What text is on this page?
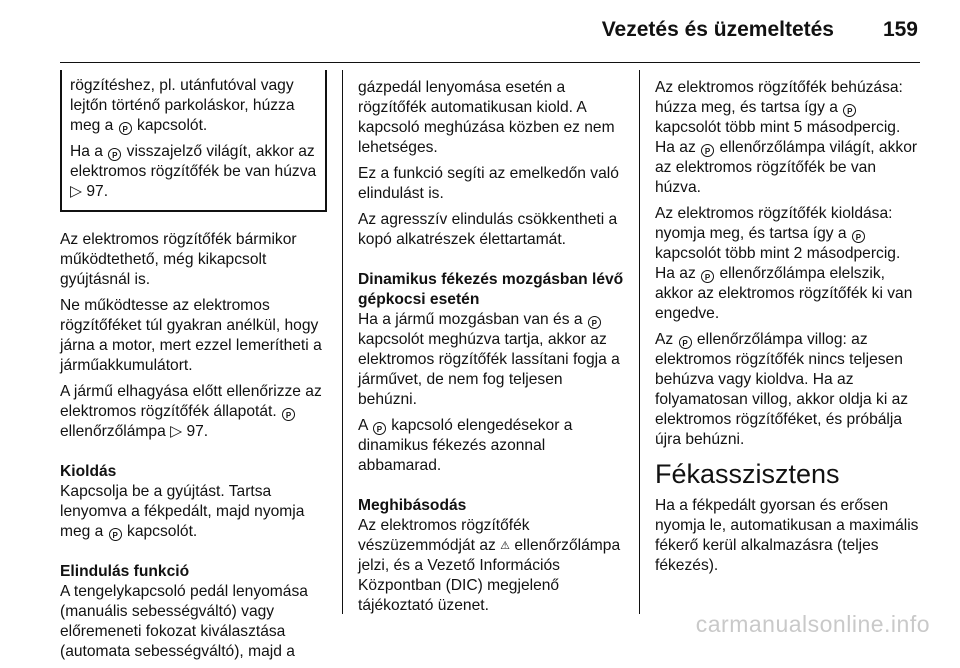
Vezetés és üzemeltetés 159

rögzítéshez, pl. utánfutóval vagy lejtőn történő parkoláskor, húzza meg a P kapcsolót.

Ha a P visszajelző világít, akkor az elektromos rögzítőfék be van húzva ▷ 97.

Az elektromos rögzítőfék bármikor működtethető, még kikapcsolt gyújtásnál is.

Ne működtesse az elektromos rögzítőféket túl gyakran anélkül, hogy járna a motor, mert ezzel lemerítheti a járműakkumulátort.

A jármű elhagyása előtt ellenőrizze az elektromos rögzítőfék állapotát. P ellenőrzőlámpa ▷ 97.

Kioldás

Kapcsolja be a gyújtást. Tartsa lenyomva a fékpedált, majd nyomja meg a P kapcsolót.

Elindulás funkció

A tengelykapcsoló pedál lenyomása (manuális sebességváltó) vagy előremeneti fokozat kiválasztása (automata sebességváltó), majd a

gázpedál lenyomása esetén a rögzítőfék automatikusan kiold. A kapcsoló meghúzása közben ez nem lehetséges.

Ez a funkció segíti az emelkedőn való elindulást is.

Az agresszív elindulás csökkentheti a kopó alkatrészek élettartamát.

Dinamikus fékezés mozgásban lévő gépkocsi esetén

Ha a jármű mozgásban van és a P kapcsolót meghúzva tartja, akkor az elektromos rögzítőfék lassítani fogja a járművet, de nem fog teljesen behúzni.

A P kapcsoló elengedésekor a dinamikus fékezés azonnal abbamarad.

Meghibásodás

Az elektromos rögzítőfék vészüzemmódját az ⚠ ellenőrzőlámpa jelzi, és a Vezető Információs Központban (DIC) megjelenő tájékoztató üzenet.

Az elektromos rögzítőfék behúzása: húzza meg, és tartsa így a P kapcsolót több mint 5 másodpercig. Ha az P ellenőrzőlámpa világít, akkor az elektromos rögzítőfék be van húzva.

Az elektromos rögzítőfék kioldása: nyomja meg, és tartsa így a P kapcsolót több mint 2 másodpercig. Ha az P ellenőrzőlámpa elelszik, akkor az elektromos rögzítőfék ki van engedve.

Az P ellenőrzőlámpa villog: az elektromos rögzítőfék nincs teljesen behúzva vagy kioldva. Ha az folyamatosan villog, akkor oldja ki az elektromos rögzítőféket, és próbálja újra behúzni.

Fékasszisztens

Ha a fékpedált gyorsan és erősen nyomja le, automatikusan a maximális fékerő kerül alkalmazásra (teljes fékezés).

carmanualsonline.info
